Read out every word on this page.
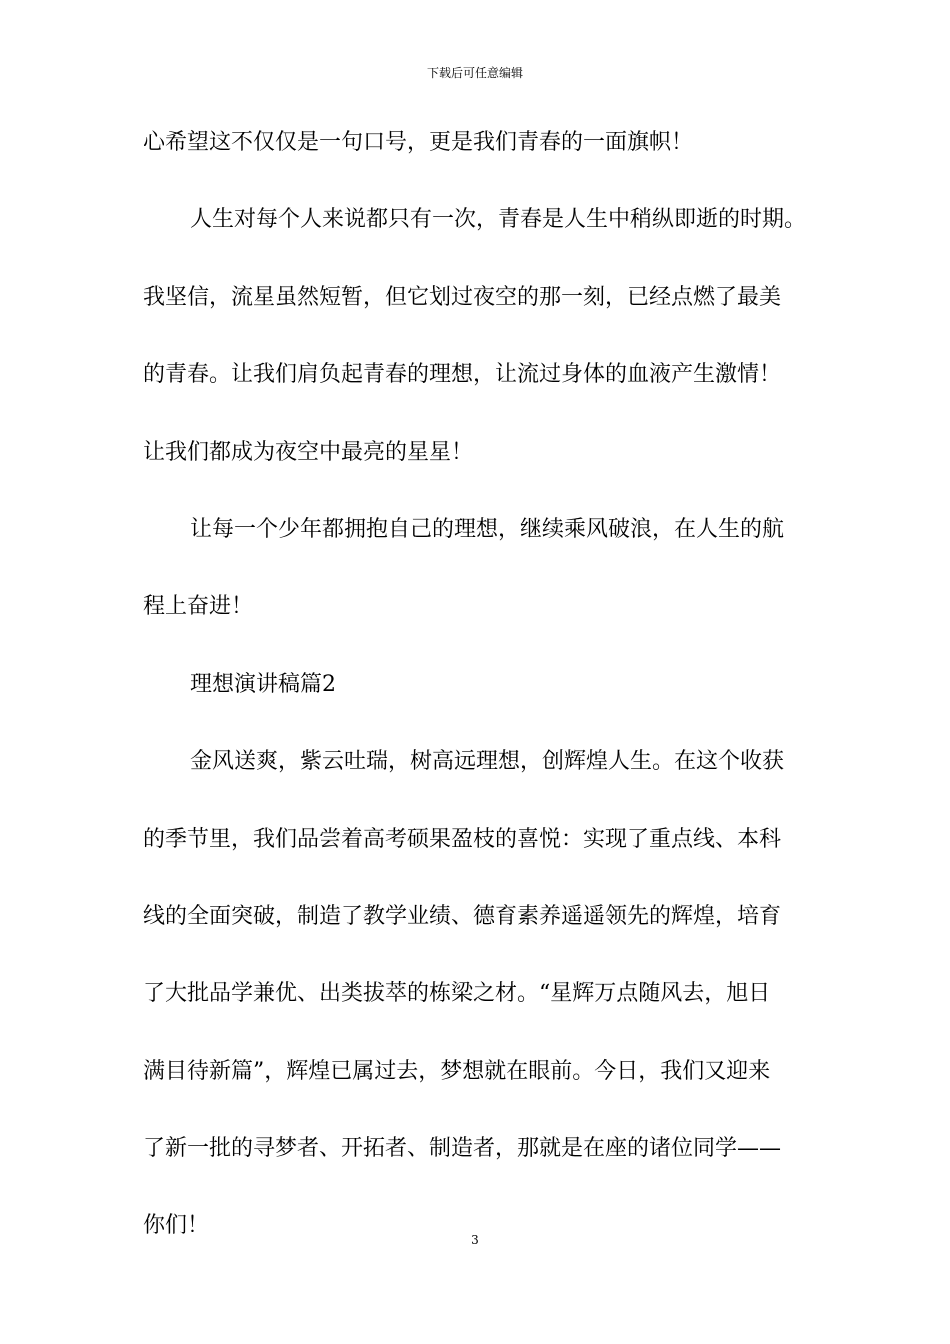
下载后可任意编辑
心希望这不仅仅是一句口号，更是我们青春的一面旗帜！
人生对每个人来说都只有一次，青春是人生中稍纵即逝的时期。
我坚信，流星虽然短暂，但它划过夜空的那一刻，已经点燃了最美
的青春。让我们肩负起青春的理想，让流过身体的血液产生激情！
让我们都成为夜空中最亮的星星！
让每一个少年都拥抱自己的理想，继续乘风破浪，在人生的航
程上奋进！
理想演讲稿篇2
金风送爽，紫云吐瑞，树高远理想，创辉煌人生。在这个收获
的季节里，我们品尝着高考硕果盈枝的喜悦：实现了重点线、本科
线的全面突破，制造了教学业绩、德育素养遥遥领先的辉煌，培育
了大批品学兼优、出类拔萃的栋梁之材。“星辉万点随风去，旭日
满目待新篇”，辉煌已属过去，梦想就在眼前。今日，我们又迎来
了新一批的寻梦者、开拓者、制造者，那就是在座的诸位同学——
你们！
3
